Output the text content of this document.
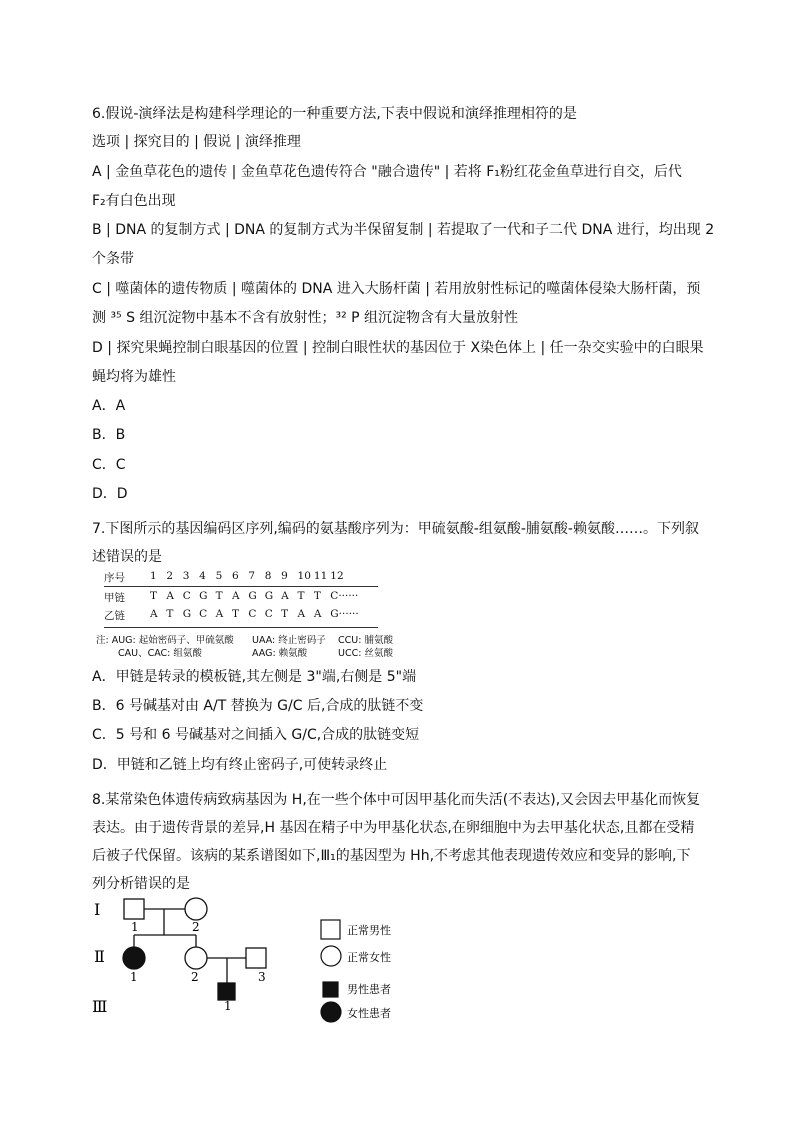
6.假说-演绎法是构建科学理论的一种重要方法,下表中假说和演绎推理相符的是
选项 | 探究目的 | 假说 | 演绎推理
A | 金鱼草花色的遗传 | 金鱼草花色遗传符合 "融合遗传" | 若将 F₁粉红花金鱼草进行自交，后代
F₂有白色出现
B | DNA 的复制方式 | DNA 的复制方式为半保留复制 | 若提取了一代和子二代 DNA 进行，均出现 2
个条带
C | 噬菌体的遗传物质 | 噬菌体的 DNA 进入大肠杆菌 | 若用放射性标记的噬菌体侵染大肠杆菌，预
测 ³⁵ S 组沉淀物中基本不含有放射性；³² P 组沉淀物含有大量放射性
D | 探究果蝇控制白眼基因的位置 | 控制白眼性状的基因位于 X染色体上 | 任一杂交实验中的白眼果
蝇均将为雄性
A．A
B．B
C．C
D．D
7.下图所示的基因编码区序列,编码的氨基酸序列为：甲硫氨酸-组氨酸-脯氨酸-赖氨酸……。下列叙
述错误的是
序号 1 2 3 4 5 6 7 8 9 10 11 12
甲链 T A C G T A G G A T T C······
乙链 A T G C A T C C T A A G······
注: AUG: 起始密码子、甲硫氨酸 UAA: 终止密码子 CCU: 脯氨酸
CAU、CAC: 组氨酸	AAG: 赖氨酸	UCC: 丝氨酸
A．甲链是转录的模板链,其左侧是 3"端,右侧是 5"端
B．6 号碱基对由 A/T 替换为 G/C 后,合成的肽链不变
C．5 号和 6 号碱基对之间插入 G/C,合成的肽链变短
D．甲链和乙链上均有终止密码子,可使转录终止
8.某常染色体遗传病致病基因为 H,在一些个体中可因甲基化而失活(不表达),又会因去甲基化而恢复
表达。由于遗传背景的差异,H 基因在精子中为甲基化状态,在卵细胞中为去甲基化状态,且都在受精
后被子代保留。该病的某系谱图如下,Ⅲ₁的基因型为 Hh,不考虑其他表现遗传效应和变异的影响,下
列分析错误的是
Ⅰ
Ⅱ
Ⅲ
1	2
1	2	3
1
正常男性
正常女性
男性患者
女性患者
